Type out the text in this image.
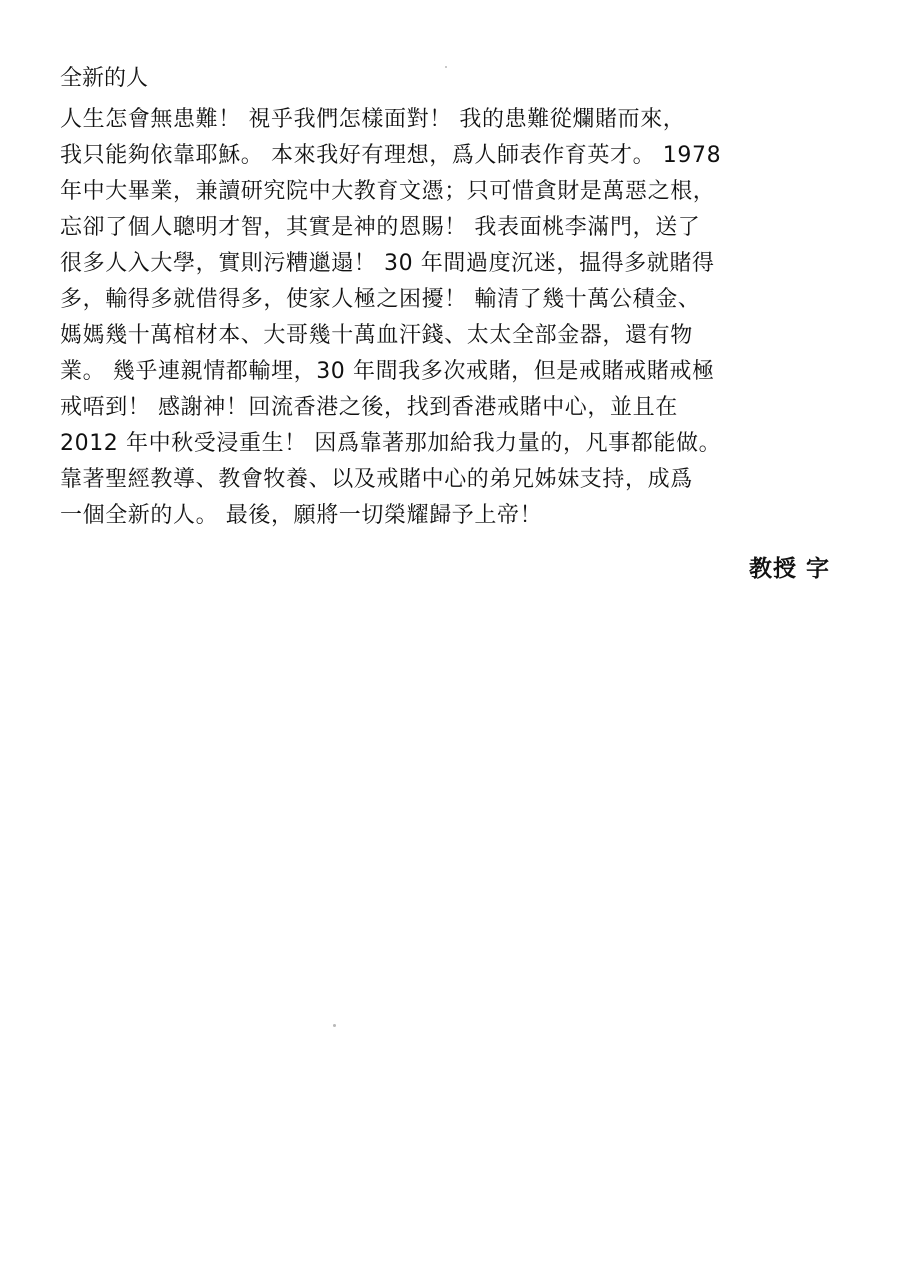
全新的人
人生怎會無患難！ 視乎我們怎樣面對！ 我的患難從爛賭而來，
我只能夠依靠耶穌。 本來我好有理想，爲人師表作育英才。 1978
年中大畢業，兼讀研究院中大教育文憑；只可惜貪財是萬惡之根，
忘卻了個人聰明才智，其實是神的恩賜！ 我表面桃李滿門，送了
很多人入大學，實則污糟邋遢！ 30 年間過度沉迷，揾得多就賭得
多，輸得多就借得多，使家人極之困擾！ 輸清了幾十萬公積金、
媽媽幾十萬棺材本、大哥幾十萬血汗錢、太太全部金器，還有物
業。 幾乎連親情都輸埋，30 年間我多次戒賭，但是戒賭戒賭戒極
戒唔到！ 感謝神！回流香港之後，找到香港戒賭中心，並且在
2012 年中秋受浸重生！ 因爲靠著那加給我力量的，凡事都能做。
靠著聖經教導、教會牧養、以及戒賭中心的弟兄姊妹支持，成爲
一個全新的人。 最後，願將一切榮耀歸予上帝！
教授 字
